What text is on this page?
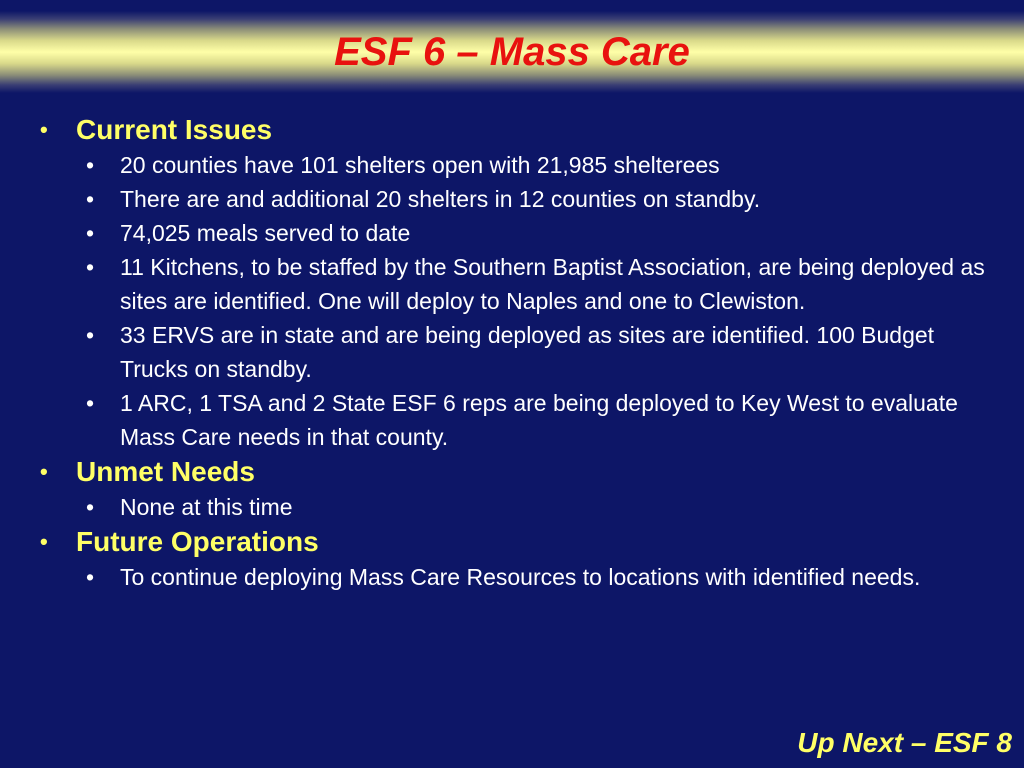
ESF 6 – Mass Care
• Current Issues
• 20 counties have 101 shelters open with 21,985 shelterees
• There are and additional 20 shelters in 12 counties on standby.
• 74,025 meals served to date
• 11 Kitchens, to be staffed by the Southern Baptist Association, are being deployed as sites are identified. One will deploy to Naples and one to Clewiston.
• 33 ERVS are in state and are being deployed as sites are identified. 100 Budget Trucks on standby.
• 1 ARC, 1 TSA and 2 State ESF 6 reps are being deployed to Key West to evaluate Mass Care needs in that county.
• Unmet Needs
• None at this time
• Future Operations
• To continue deploying Mass Care Resources to locations with identified needs.
Up Next – ESF 8
